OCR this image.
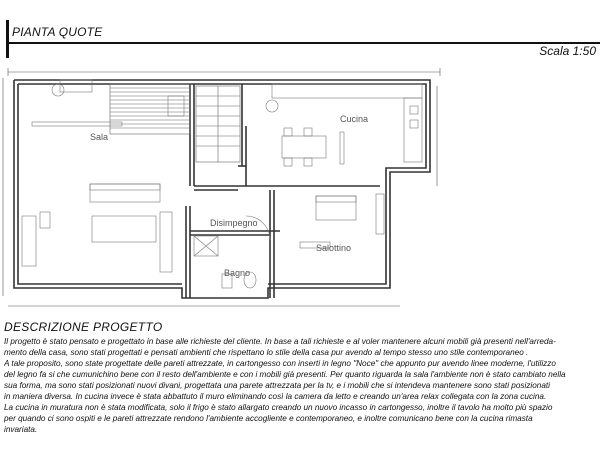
PIANTA QUOTE
Scala 1:50
Sala
Cucina
Disimpegno
Salottino
Bagno
DESCRIZIONE PROGETTO
Il progetto è stato pensato e progettato in base alle richieste del cliente. In base a tali richieste e al voler mantenere alcuni mobili già presenti nell'arreda-
mento della casa, sono stati progettati e pensati ambienti che rispettano lo stile della casa pur avendo al tempo stesso uno stile contemporaneo .
A tale proposito, sono state progettate delle pareti attrezzate, in cartongesso con inserti in legno "Noce" che appunto pur avendo linee moderne, l'utilizzo
del legno fa si che cumunichino bene con il resto dell'ambiente e con i mobili già presenti. Per quanto riguarda la sala l'ambiente non è stato cambiato nella
sua forma, ma sono stati posizionati nuovi divani, progettata una parete attrezzata per la tv, e i mobili che si intendeva mantenere sono stati posizionati
in maniera diversa. In cucina invece è stata abbattuto il muro eliminando così la camera da letto e creando un'area relax collegata con la zona cucina.
La cucina in muratura non è stata modificata, solo il frigo è stato allargato creando un nuovo incasso in cartongesso, inoltre il tavolo ha molto più spazio
per quando ci sono ospiti e le pareti attrezzate rendono l'ambiente accogliente e contemporaneo, e inoltre comunicano bene con la cucina rimasta
invariata.
